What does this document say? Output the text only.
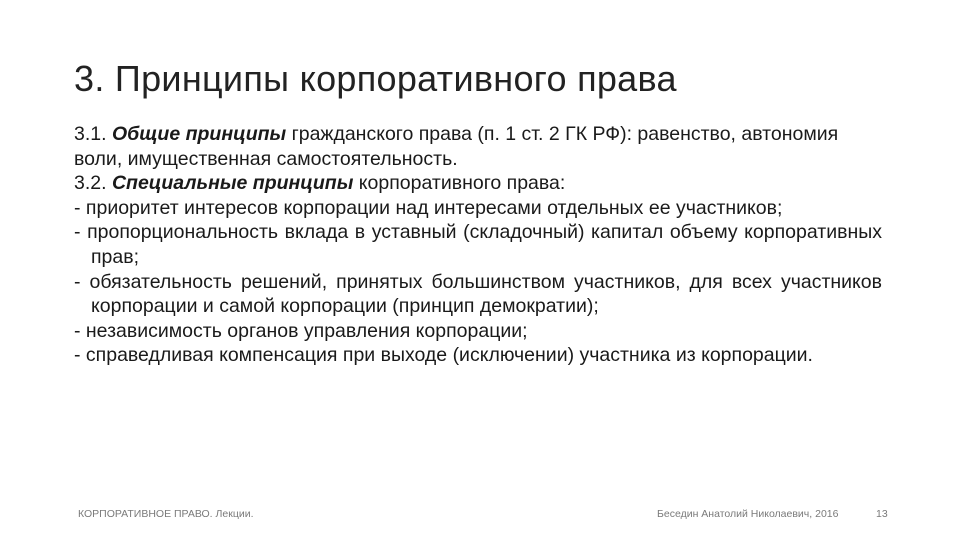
3. Принципы корпоративного права

3.1. Общие принципы гражданского права (п. 1 ст. 2 ГК РФ): равенство, автономия воли, имущественная самостоятельность.

3.2. Специальные принципы корпоративного права:

- приоритет интересов корпорации над интересами отдельных ее участников;

- пропорциональность вклада в уставный (складочный) капитал объему корпоративных прав;

- обязательность решений, принятых большинством участников, для всех участников корпорации и самой корпорации (принцип демократии);

- независимость органов управления корпорации;

- справедливая компенсация при выходе (исключении) участника из корпорации.

КОРПОРАТИВНОЕ ПРАВО. Лекции.	Беседин Анатолий Николаевич, 2016	13
